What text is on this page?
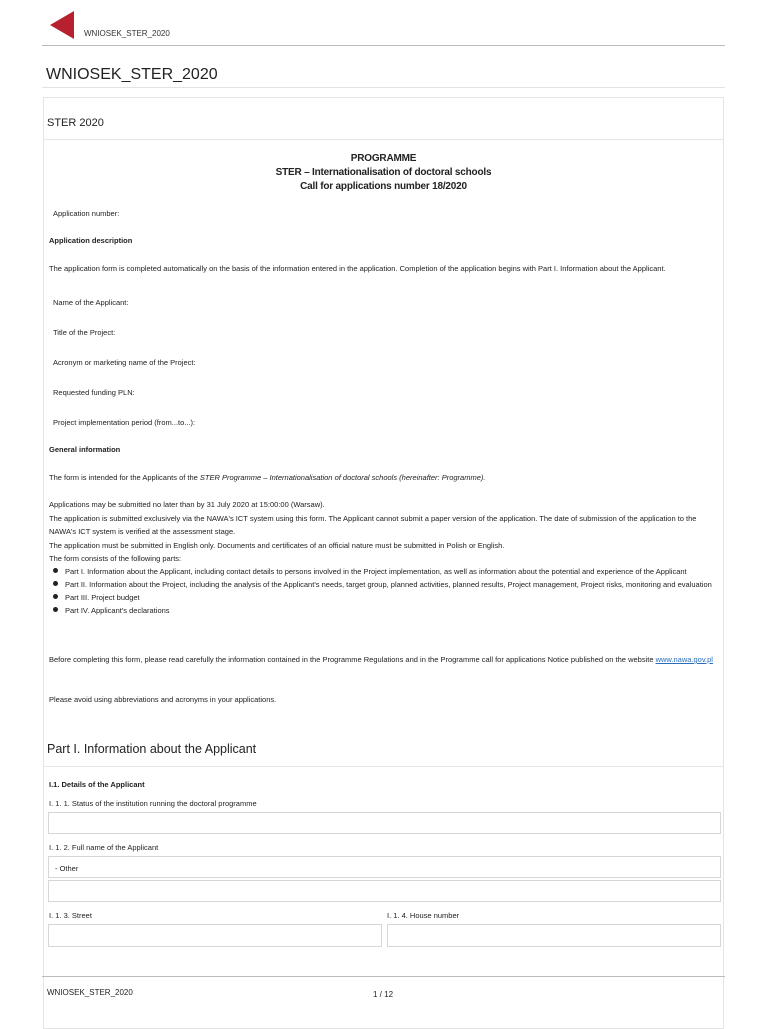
WNIOSEK_STER_2020
WNIOSEK_STER_2020
STER 2020
PROGRAMME
STER – Internationalisation of doctoral schools
Call for applications number 18/2020
Application number:
Application description
The application form is completed automatically on the basis of the information entered in the application. Completion of the application begins with Part I. Information about the Applicant.
Name of the Applicant:
Title of the Project:
Acronym or marketing name of the Project:
Requested funding PLN:
Project implementation period (from...to...):
General information
The form is intended for the Applicants of the STER Programme – Internationalisation of doctoral schools (hereinafter: Programme).
Applications may be submitted no later than by 31 July 2020 at 15:00:00 (Warsaw).
The application is submitted exclusively via the NAWA's ICT system using this form. The Applicant cannot submit a paper version of the application. The date of submission of the application to the NAWA's ICT system is verified at the assessment stage.
The application must be submitted in English only. Documents and certificates of an official nature must be submitted in Polish or English.
The form consists of the following parts:
Part I. Information about the Applicant, including contact details to persons involved in the Project implementation, as well as information about the potential and experience of the Applicant
Part II. Information about the Project, including the analysis of the Applicant's needs, target group, planned activities, planned results, Project management, Project risks, monitoring and evaluation
Part III. Project budget
Part IV. Applicant's declarations
Before completing this form, please read carefully the information contained in the Programme Regulations and in the Programme call for applications Notice published on the website www.nawa.gov.pl
Please avoid using abbreviations and acronyms in your applications.
Part I. Information about the Applicant
I.1. Details of the Applicant
I. 1. 1. Status of the institution running the doctoral programme
I. 1. 2. Full name of the Applicant
- Other
I. 1. 3. Street	I. 1. 4. House number
WNIOSEK_STER_2020	1 / 12
